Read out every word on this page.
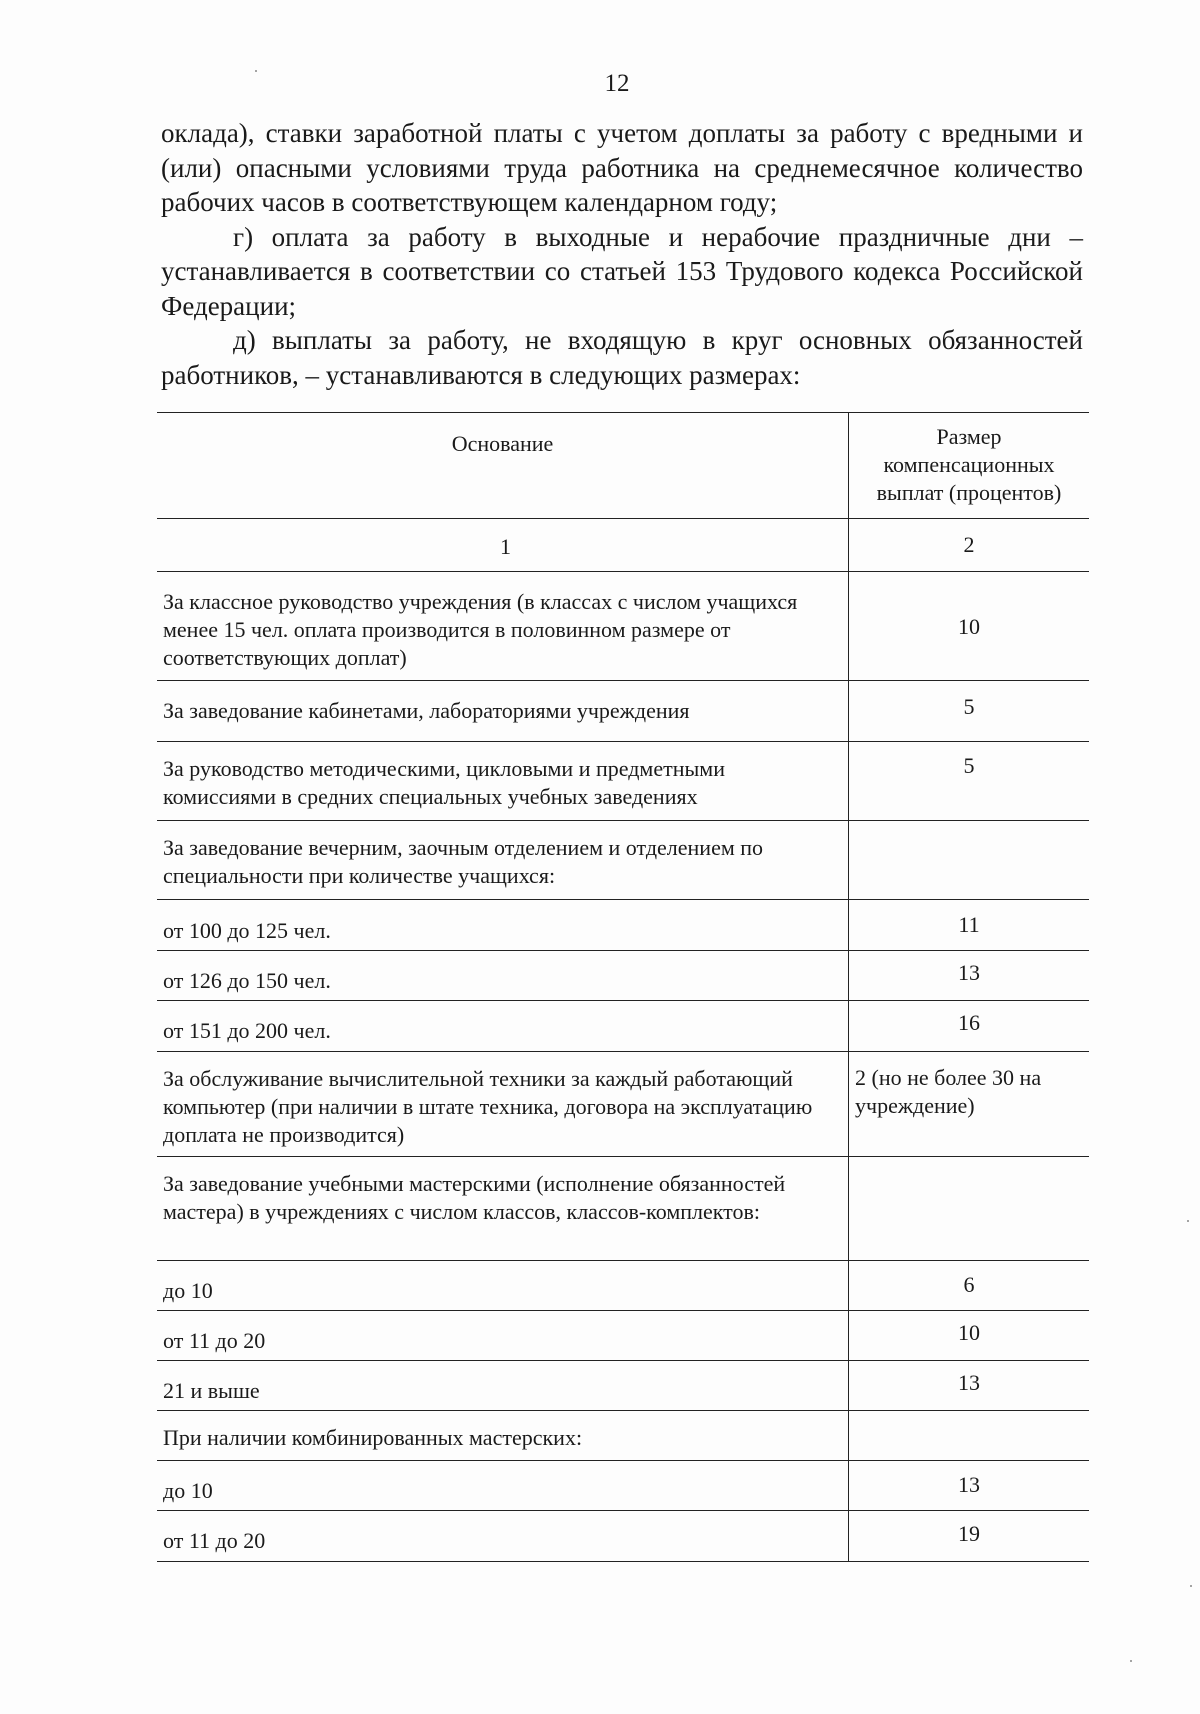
12

оклада), ставки заработной платы с учетом доплаты за работу с вредными и (или) опасными условиями труда работника на среднемесячное количество рабочих часов в соответствующем календарном году;

г) оплата за работу в выходные и нерабочие праздничные дни – устанавливается в соответствии со статьей 153 Трудового кодекса Российской Федерации;

д) выплаты за работу, не входящую в круг основных обязанностей работников, – устанавливаются в следующих размерах:

Основание	Размер компенсационных выплат (процентов)
1	2
За классное руководство учреждения (в классах с числом учащихся менее 15 чел. оплата производится в половинном размере от соответствующих доплат)	10
За заведование кабинетами, лабораториями учреждения	5
За руководство методическими, цикловыми и предметными комиссиями в средних специальных учебных заведениях	5
За заведование вечерним, заочным отделением и отделением по специальности при количестве учащихся:	
от 100 до 125 чел.	11
от 126 до 150 чел.	13
от 151 до 200 чел.	16
За обслуживание вычислительной техники за каждый работающий компьютер (при наличии в штате техника, договора на эксплуатацию доплата не производится)	2 (но не более 30 на учреждение)
За заведование учебными мастерскими (исполнение обязанностей мастера) в учреждениях с числом классов, классов-комплектов:	
до 10	6
от 11 до 20	10
21 и выше	13
При наличии комбинированных мастерских:	
до 10	13
от 11 до 20	19
